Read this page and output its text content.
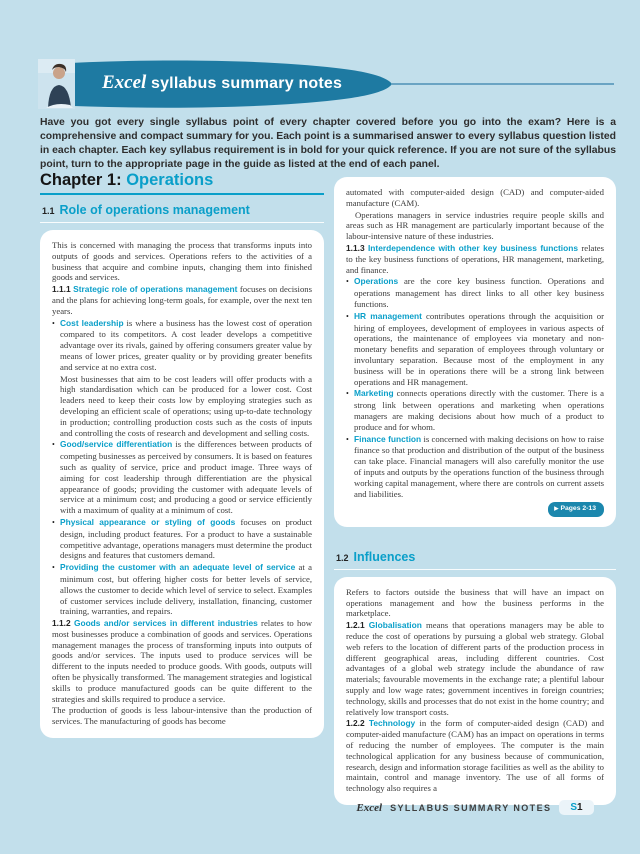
Excel syllabus summary notes
Have you got every single syllabus point of every chapter covered before you go into the exam? Here is a comprehensive and compact summary for you. Each point is a summarised answer to every syllabus question listed in each chapter. Each key syllabus requirement is in bold for your quick reference. If you are not sure of the syllabus point, turn to the appropriate page in the guide as listed at the end of each panel.
Chapter 1: Operations
1.1 Role of operations management

This is concerned with managing the process that transforms inputs into outputs of goods and services. Operations refers to the activities of a business that acquire and combine inputs, changing them into finished goods and services.

1.1.1 Strategic role of operations management focuses on decisions and the plans for achieving long-term goals, for example, over the next ten years.

• Cost leadership is where a business has the lowest cost of operation compared to its competitors. A cost leader develops a competitive advantage over its rivals, gained by offering consumers greater value by means of lower prices, greater quality or by providing greater benefits and service at no extra cost.

Most businesses that aim to be cost leaders will offer products with a high standardisation which can be produced for a lower cost. Cost leaders need to keep their costs low by employing strategies such as developing an efficient scale of operations; using up-to-date technology in production; controlling production costs such as the costs of inputs and controlling the costs of research and development and selling costs.

• Good/service differentiation is the differences between products of competing businesses as perceived by consumers. It is based on features such as quality of service, price and product image. Three ways of aiming for cost leadership through differentiation are the physical appearance of goods; providing the customer with adequate levels of service at a minimum cost; and producing a good or service efficiently with a maximum of quality at a minimum of cost.

• Physical appearance or styling of goods focuses on product design, including product features. For a product to have a sustainable competitive advantage, operations managers must determine the product designs and features that customers demand.

• Providing the customer with an adequate level of service at a minimum cost, but offering higher costs for better levels of service, allows the customer to decide which level of service to select. Examples of customer services include delivery, installation, financing, customer training, warranties, and repairs.

1.1.2 Goods and/or services in different industries relates to how most businesses produce a combination of goods and services. Operations management manages the process of transforming inputs into outputs of goods and/or services. The inputs used to produce services will be different to the inputs needed to produce goods. With goods, outputs will often be physically transformed. The management strategies and logistical skills to produce manufactured goods can be quite different to the strategies and skills required to produce a service.

The production of goods is less labour-intensive than the production of services. The manufacturing of goods has become

automated with computer-aided design (CAD) and computer-aided manufacture (CAM).

Operations managers in service industries require people skills and areas such as HR management are particularly important because of the labour-intensive nature of these industries.

1.1.3 Interdependence with other key business functions relates to the key business functions of operations, HR management, marketing, and finance.

• Operations are the core key business function. Operations and operations management has direct links to all other key business functions.

• HR management contributes operations through the acquisition or hiring of employees, development of employees in various aspects of operations, the maintenance of employees via monetary and non-monetary benefits and separation of employees through voluntary or involuntary separation. Because most of the employment in any business will be in operations there will be a strong link between operations and HR management.

• Marketing connects operations directly with the customer. There is a strong link between operations and marketing when operations managers are making decisions about how much of a product to produce and for whom.

• Finance function is concerned with making decisions on how to raise finance so that production and distribution of the output of the business can take place. Financial managers will also carefully monitor the use of inputs and outputs by the operations function of the business through working capital management, where there are controls on current assets and liabilities.

▶ Pages 2-13
1.2 Influences

Refers to factors outside the business that will have an impact on operations management and how the business performs in the marketplace.

1.2.1 Globalisation means that operations managers may be able to reduce the cost of operations by pursuing a global web strategy. Global web refers to the location of different parts of the production process in different geographical areas, including different countries. Cost advantages of a global web strategy include the abundance of raw materials; favourable movements in the exchange rate; a plentiful labour supply and low wage rates; government incentives in foreign countries; technology, skills and processes that do not exist in the home country; and relatively low transport costs.

1.2.2 Technology in the form of computer-aided design (CAD) and computer-aided manufacture (CAM) has an impact on operations in terms of reducing the number of employees. The computer is the main technological application for any business because of communication, research, design and information storage facilities as well as the ability to maintain, control and manage inventory. The use of all forms of technology also requires a

Excel SYLLABUS SUMMARY NOTES	S1
